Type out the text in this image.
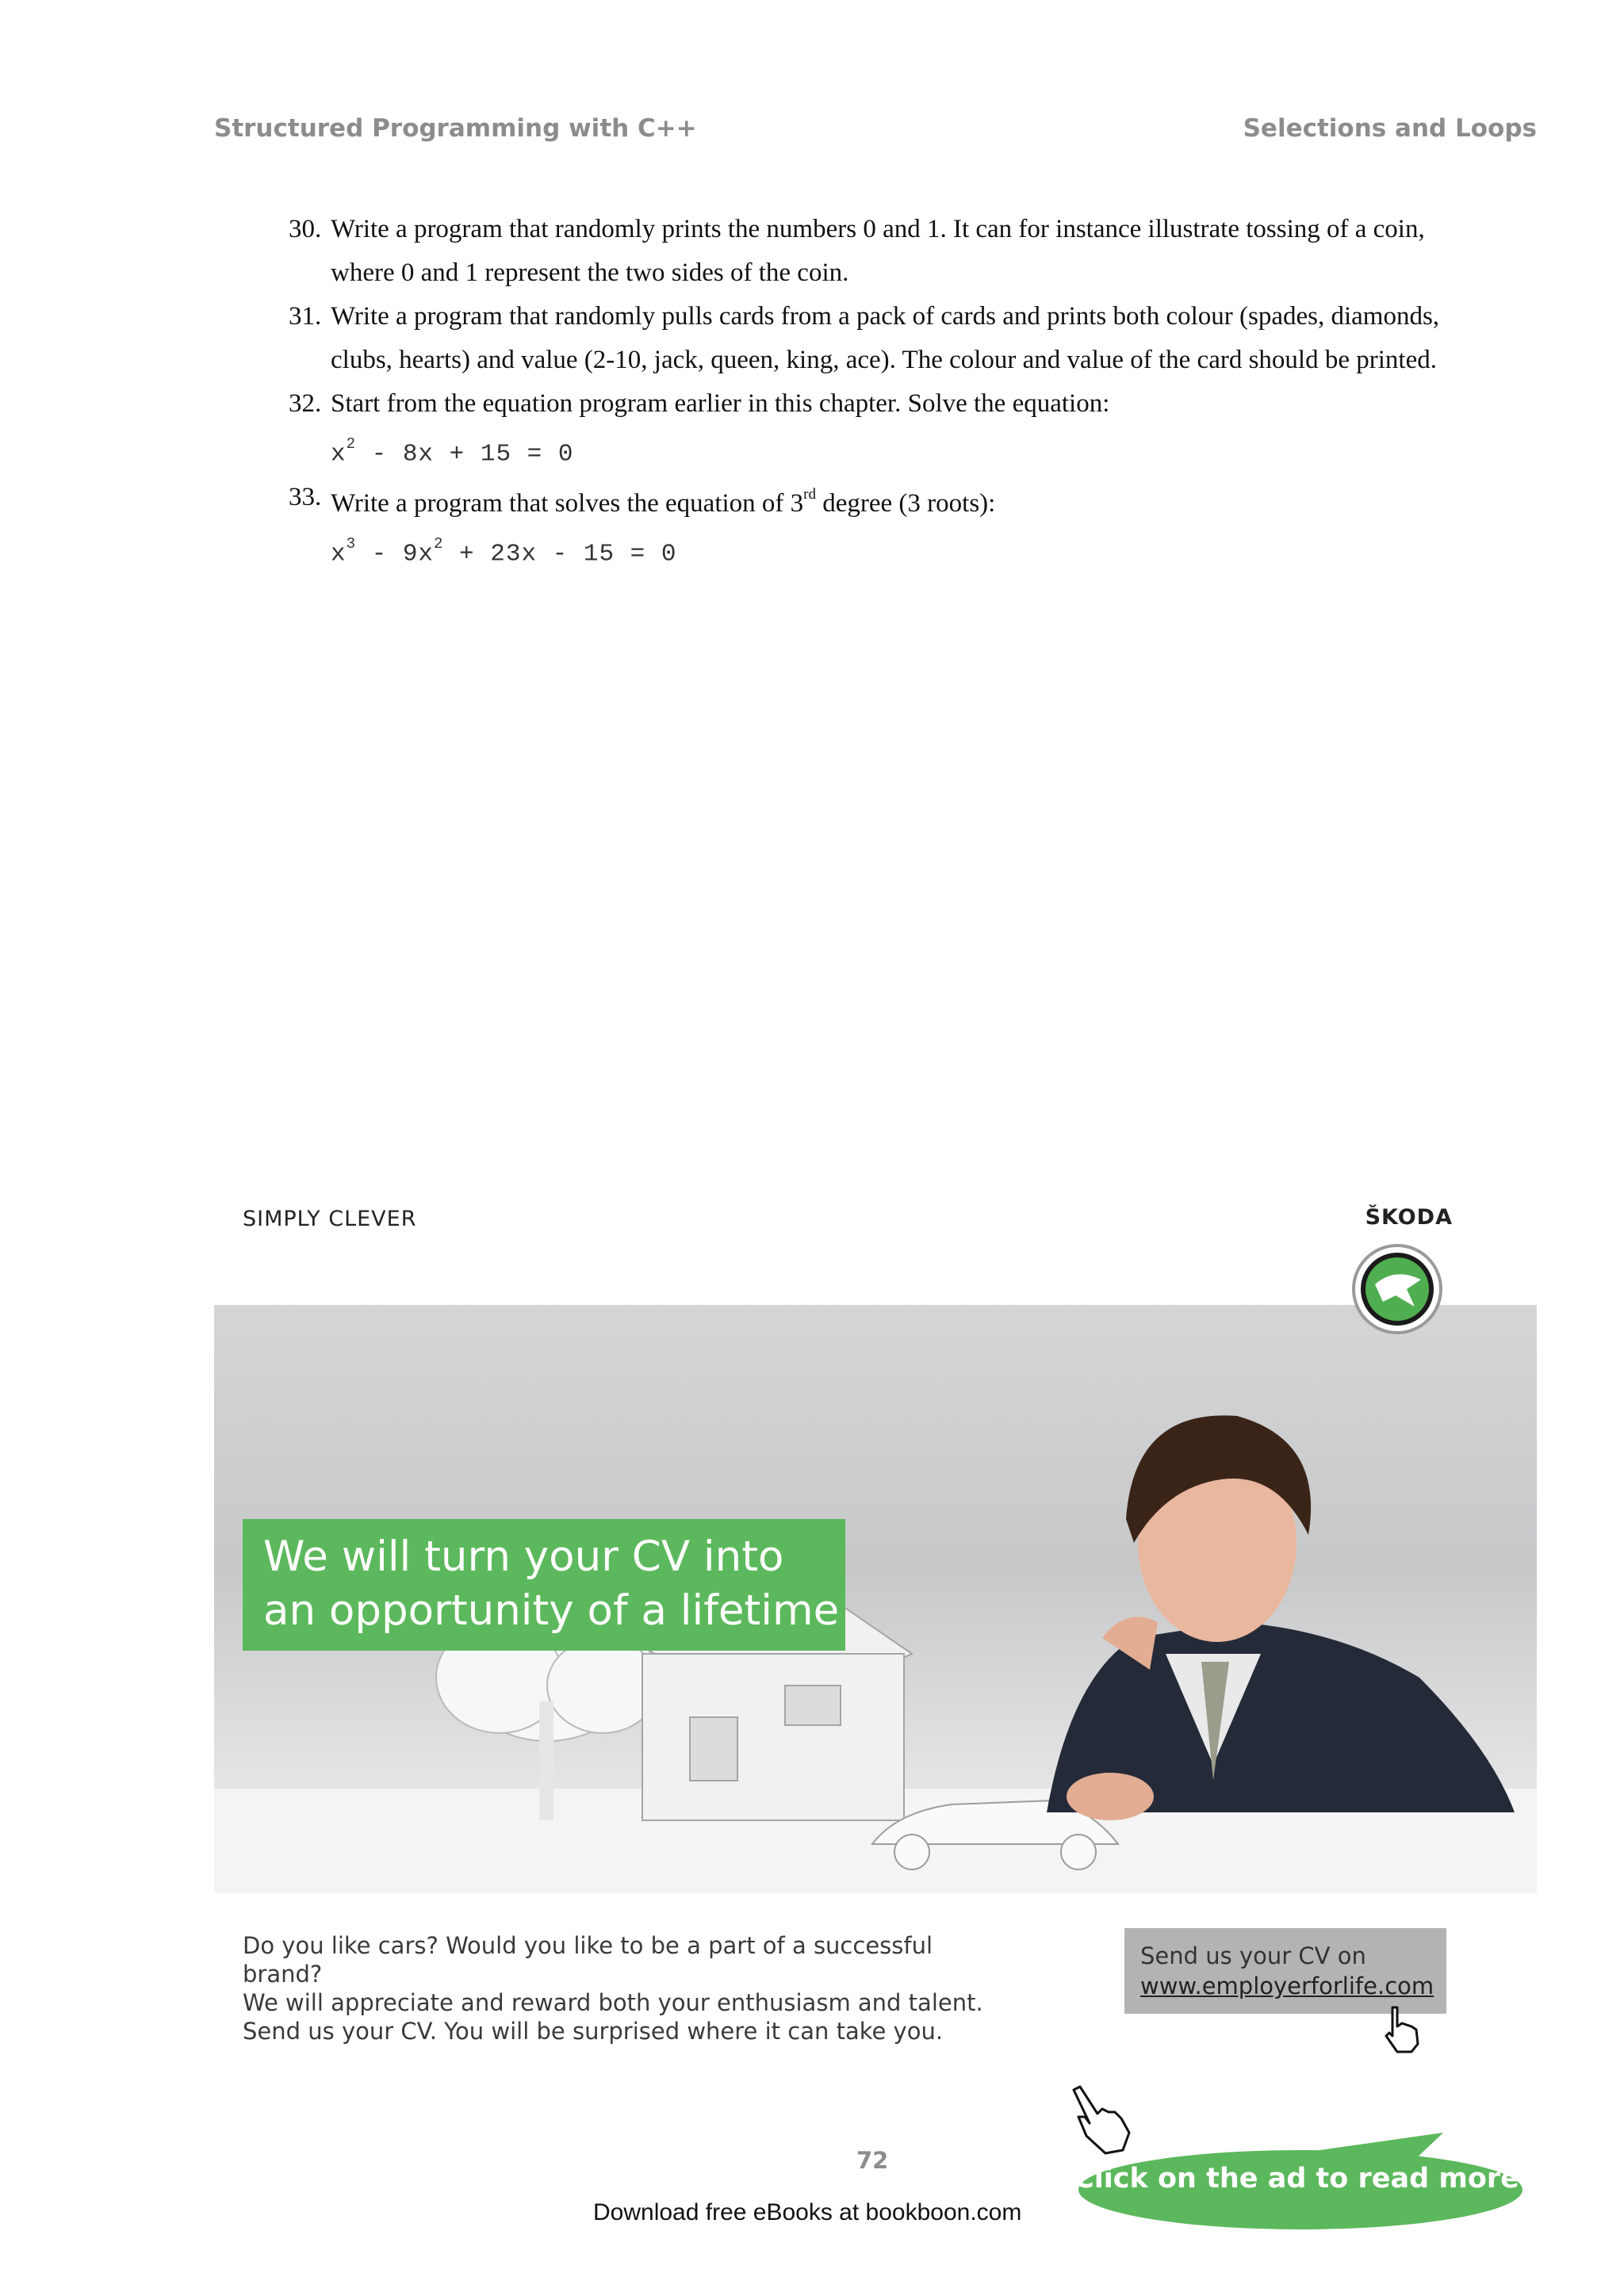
Structured Programming with C++	Selections and Loops
30. Write a program that randomly prints the numbers 0 and 1. It can for instance illustrate tossing of a coin,
where 0 and 1 represent the two sides of the coin.
31. Write a program that randomly pulls cards from a pack of cards and prints both colour (spades, diamonds,
clubs, hearts) and value (2-10, jack, queen, king, ace). The colour and value of the card should be printed.
32. Start from the equation program earlier in this chapter. Solve the equation:
$x^2 - 8x + 15 = 0$
33. Write a program that solves the equation of 3rd degree (3 roots):
$x^3 - 9x^2 + 23x - 15 = 0$
SIMPLY CLEVER	ŠKODA
We will turn your CV into
an opportunity of a lifetime
Do you like cars? Would you like to be a part of a successful brand?
We will appreciate and reward both your enthusiasm and talent.
Send us your CV. You will be surprised where it can take you.
Send us your CV on
www.employerforlife.com
Click on the ad to read more
72
Download free eBooks at bookboon.com
